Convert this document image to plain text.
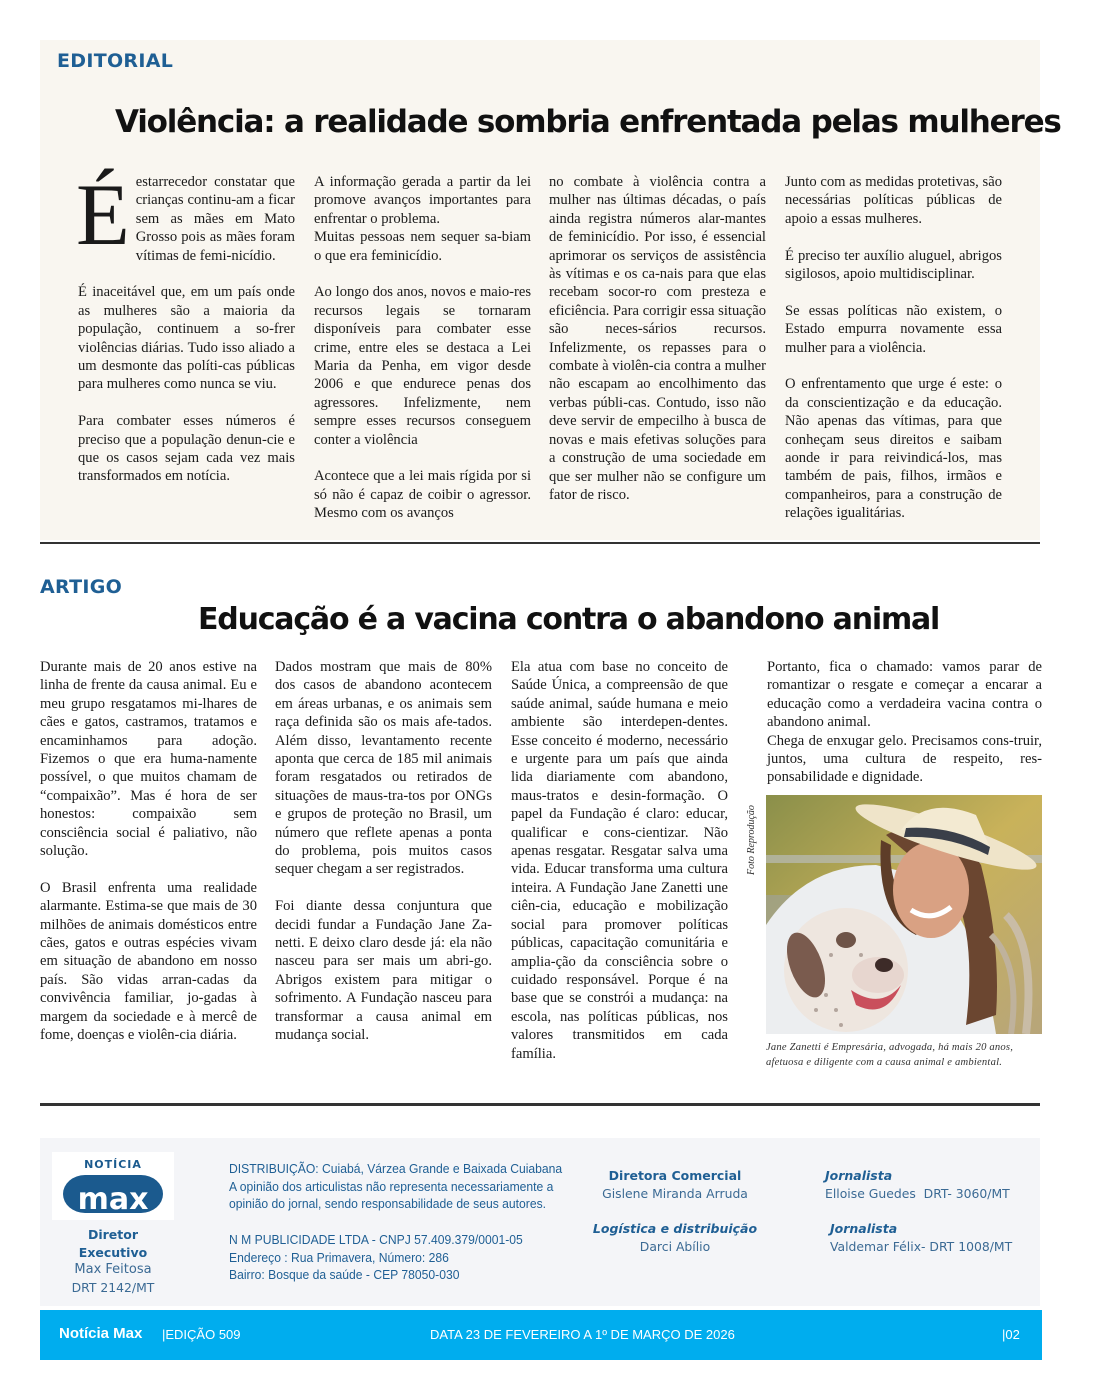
EDITORIAL
Violência: a realidade sombria enfrentada pelas mulheres
É estarrecedor constatar que crianças continu-am a ficar sem as mães em Mato Grosso pois as mães foram vítimas de femi-nicídio.

É inaceitável que, em um país onde as mulheres são a maioria da população, continuem a so-frer violências diárias. Tudo isso aliado a um desmonte das políti-cas públicas para mulheres como nunca se viu.

Para combater esses números é preciso que a população denun-cie e que os casos sejam cada vez mais transformados em notícia.

A informação gerada a partir da lei promove avanços importantes para enfrentar o problema.

Muitas pessoas nem sequer sa-biam o que era feminicídio.

Ao longo dos anos, novos e maio-res recursos legais se tornaram disponíveis para combater esse crime, entre eles se destaca a Lei Maria da Penha, em vigor desde 2006 e que endurece penas dos agressores. Infelizmente, nem sempre esses recursos conseguem conter a violência

Acontece que a lei mais rígida por si só não é capaz de coibir o agressor. Mesmo com os avanços

no combate à violência contra a mulher nas últimas décadas, o país ainda registra números alar-mantes de feminicídio. Por isso, é essencial aprimorar os serviços de assistência às vítimas e os ca-nais para que elas recebam socor-ro com presteza e eficiência. Para corrigir essa situação são neces-sários recursos. Infelizmente, os repasses para o combate à violên-cia contra a mulher não escapam ao encolhimento das verbas públi-cas. Contudo, isso não deve servir de empecilho à busca de novas e mais efetivas soluções para a construção de uma sociedade em que ser mulher não se configure um fator de risco.

Junto com as medidas protetivas, são necessárias políticas públicas de apoio a essas mulheres.

É preciso ter auxílio aluguel, abrigos sigilosos, apoio multidisciplinar.

Se essas políticas não existem, o Estado empurra novamente essa mulher para a violência.

O enfrentamento que urge é este: o da conscientização e da educação. Não apenas das vítimas, para que conheçam seus direitos e saibam aonde ir para reivindicá-los, mas também de pais, filhos, irmãos e companheiros, para a construção de relações igualitárias.

ARTIGO
Educação é a vacina contra o abandono animal

Durante mais de 20 anos estive na linha de frente da causa animal. Eu e meu grupo resgatamos mi-lhares de cães e gatos, castramos, tratamos e encaminhamos para adoção. Fizemos o que era huma-namente possível, o que muitos chamam de “compaixão”. Mas é hora de ser honestos: compaixão sem consciência social é paliativo, não solução.

O Brasil enfrenta uma realidade alarmante. Estima-se que mais de 30 milhões de animais domésticos entre cães, gatos e outras espécies vivam em situação de abandono em nosso país. São vidas arran-cadas da convivência familiar, jo-gadas à margem da sociedade e à mercê de fome, doenças e violên-cia diária.

Dados mostram que mais de 80% dos casos de abandono acontecem em áreas urbanas, e os animais sem raça definida são os mais afe-tados. Além disso, levantamento recente aponta que cerca de 185 mil animais foram resgatados ou retirados de situações de maus-tra-tos por ONGs e grupos de proteção no Brasil, um número que reflete apenas a ponta do problema, pois muitos casos sequer chegam a ser registrados.

Foi diante dessa conjuntura que decidi fundar a Fundação Jane Za-netti. E deixo claro desde já: ela não nasceu para ser mais um abri-go. Abrigos existem para mitigar o sofrimento. A Fundação nasceu para transformar a causa animal em mudança social.

Ela atua com base no conceito de Saúde Única, a compreensão de que saúde animal, saúde humana e meio ambiente são interdepen-dentes. Esse conceito é moderno, necessário e urgente para um país que ainda lida diariamente com abandono, maus-tratos e desin-formação. O papel da Fundação é claro: educar, qualificar e cons-cientizar. Não apenas resgatar. Resgatar salva uma vida. Educar transforma uma cultura inteira. A Fundação Jane Zanetti une ciên-cia, educação e mobilização social para promover políticas públicas, capacitação comunitária e amplia-ção da consciência sobre o cuidado responsável. Porque é na base que se constrói a mudança: na escola, nas políticas públicas, nos valores transmitidos em cada família.

Portanto, fica o chamado: vamos parar de romantizar o resgate e começar a encarar a educação como a verdadeira vacina contra o abandono animal.

Chega de enxugar gelo. Precisamos cons-truir, juntos, uma cultura de respeito, res-ponsabilidade e dignidade.

Foto Reprodução
Jane Zanetti é Empresária, advogada, há mais 20 anos, afetuosa e diligente com a causa animal e ambiental.
NOTÍCIA
max
Diretor Executivo
Max Feitosa
DRT 2142/MT
DISTRIBUIÇÃO: Cuiabá, Várzea Grande e Baixada Cuiabana
A opinião dos articulistas não representa necessariamente a
opinião do jornal, sendo responsabilidade de seus autores.
N M PUBLICIDADE LTDA - CNPJ 57.409.379/0001-05
Endereço : Rua Primavera, Número: 286
Bairro: Bosque da saúde - CEP 78050-030
Diretora Comercial
Gislene Miranda Arruda
Logística e distribuição
Darci Abílio
Jornalista
Elloise Guedes  DRT- 3060/MT
Jornalista
Valdemar Félix- DRT 1008/MT
Notícia Max |EDIÇÃO 509	DATA 23 DE FEVEREIRO A 1º DE MARÇO DE 2026	|02
